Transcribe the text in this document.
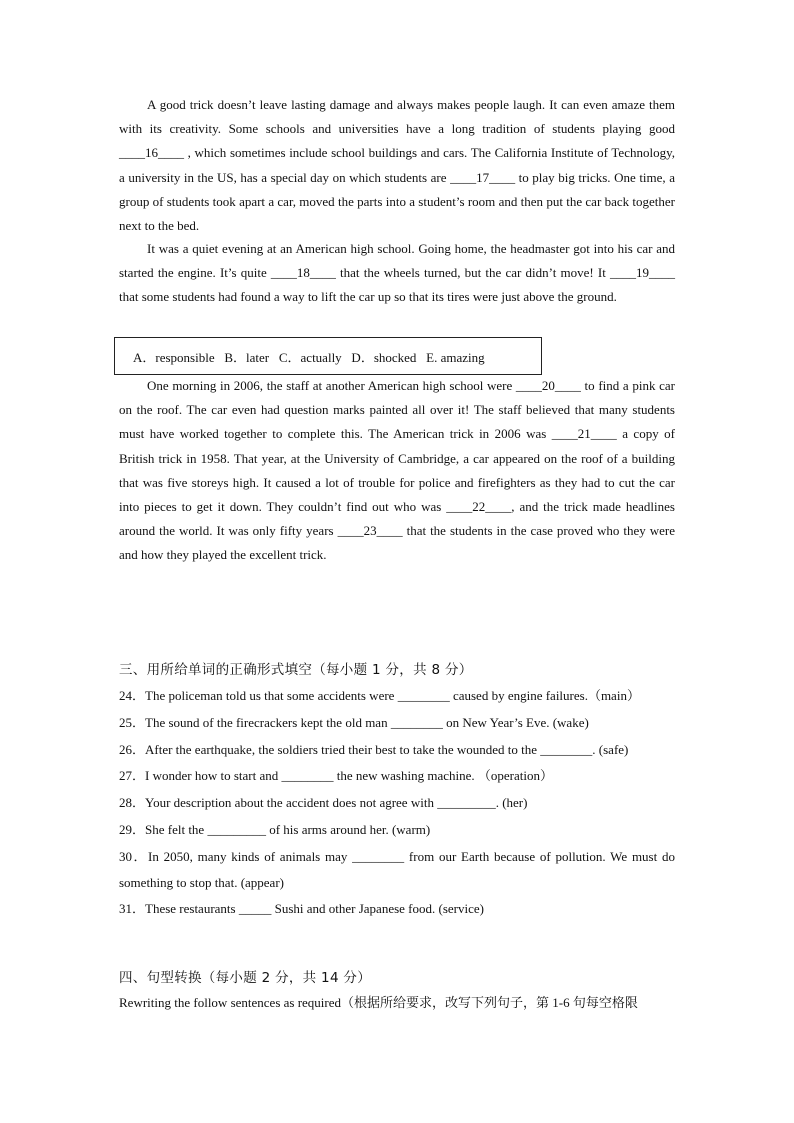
A good trick doesn’t leave lasting damage and always makes people laugh. It can even amaze them with its creativity. Some schools and universities have a long tradition of students playing good ____16____ , which sometimes include school buildings and cars. The California Institute of Technology, a university in the US, has a special day on which students are ____17____ to play big tricks. One time, a group of students took apart a car, moved the parts into a student’s room and then put the car back together next to the bed.

It was a quiet evening at an American high school. Going home, the headmaster got into his car and started the engine. It’s quite ____18____ that the wheels turned, but the car didn’t move! It ____19____ that some students had found a way to lift the car up so that its tires were just above the ground.

A．responsible   B．later   C．actually   D．shocked   E. amazing

One morning in 2006, the staff at another American high school were ____20____ to find a pink car on the roof. The car even had question marks painted all over it! The staff believed that many students must have worked together to complete this. The American trick in 2006 was ____21____ a copy of British trick in 1958. That year, at the University of Cambridge, a car appeared on the roof of a building that was five storeys high. It caused a lot of trouble for police and firefighters as they had to cut the car into pieces to get it down. They couldn’t find out who was ____22____, and the trick made headlines around the world. It was only fifty years ____23____ that the students in the case proved who they were and how they played the excellent trick.

三、用所给单词的正确形式填空（每小题 1 分，共 8 分）
24．The policeman told us that some accidents were ________ caused by engine failures.（main）
25．The sound of the firecrackers kept the old man ________ on New Year’s Eve. (wake)
26．After the earthquake, the soldiers tried their best to take the wounded to the ________. (safe)
27．I wonder how to start and ________ the new washing machine. （operation）
28．Your description about the accident does not agree with _________. (her)
29．She felt the _________ of his arms around her. (warm)
30．In 2050, many kinds of animals may ________ from our Earth because of pollution. We must do something to stop that. (appear)
31．These restaurants _____ Sushi and other Japanese food. (service)
四、句型转换（每小题 2 分，共 14 分）
Rewriting the follow sentences as required（根据所给要求，改写下列句子，第 1-6 句每空格限
